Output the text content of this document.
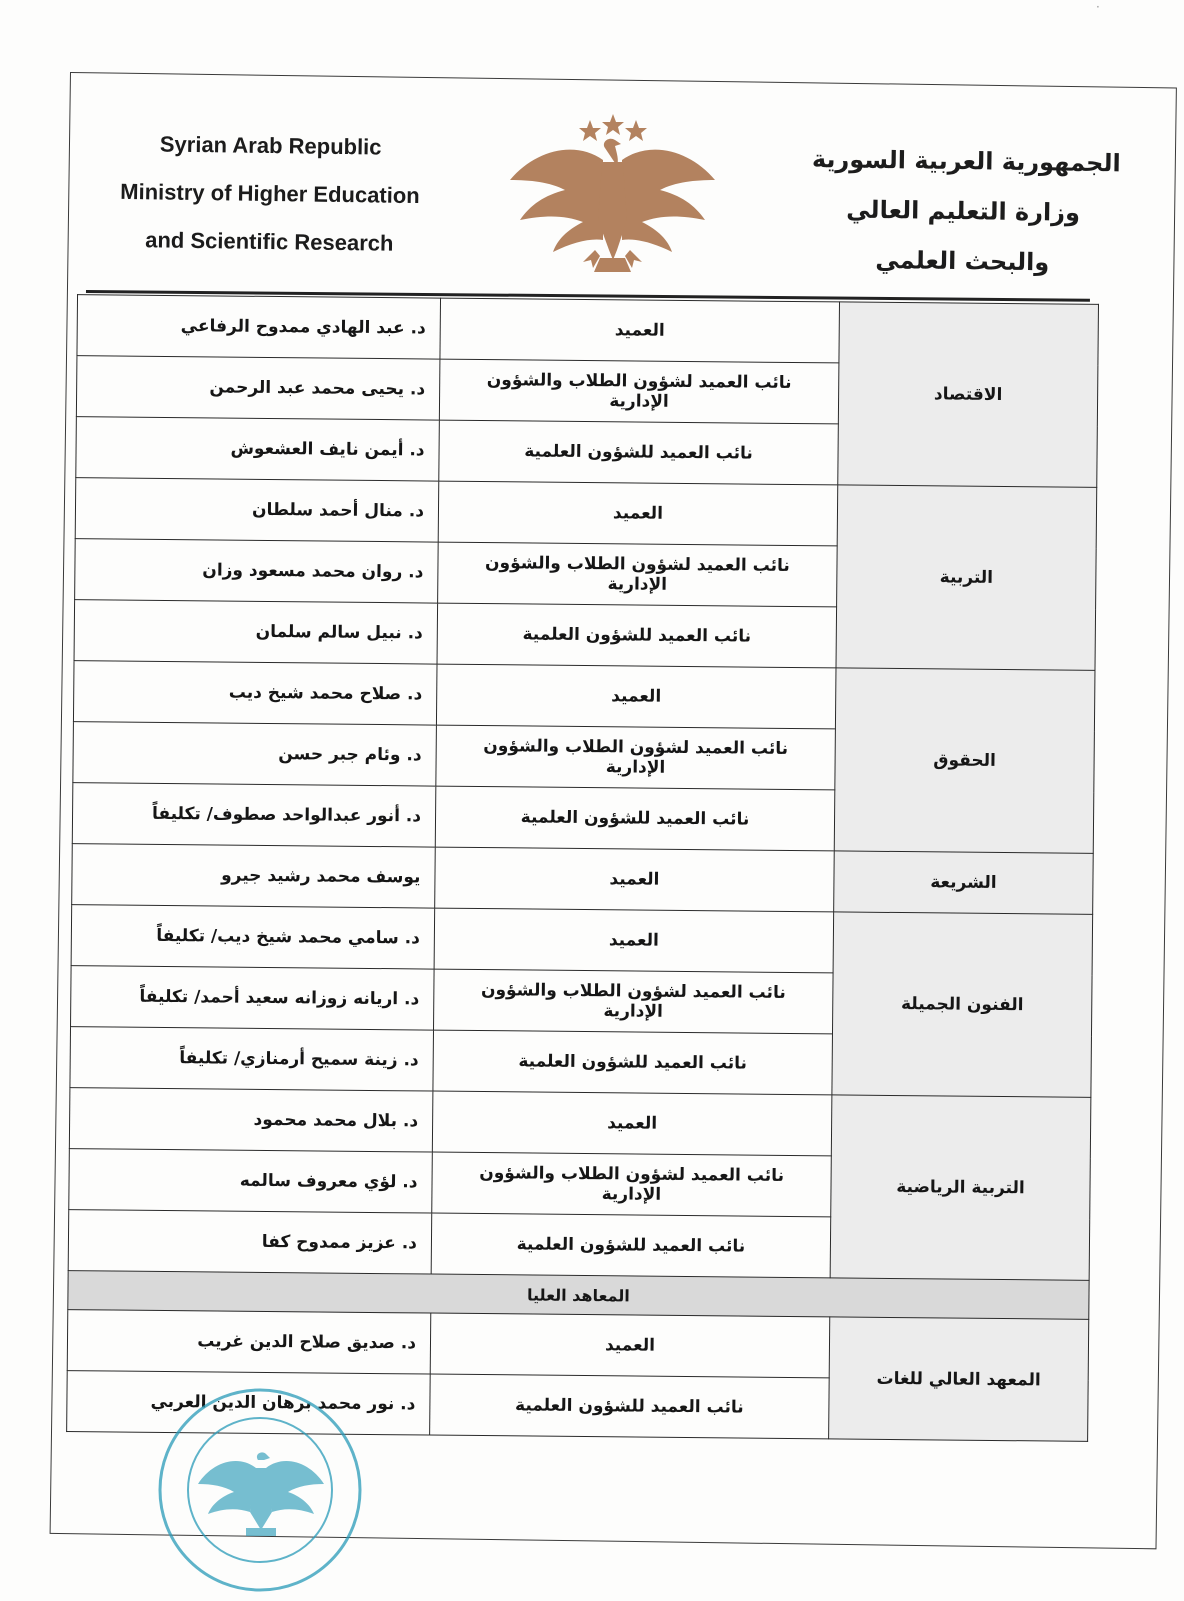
·
Syrian Arab Republic
Ministry of Higher Education
and Scientific Research
الجمهورية العربية السورية
وزارة التعليم العالي
والبحث العلمي
الاقتصاد	العميد	د. عبد الهادي ممدوح الرفاعي
	نائب العميد لشؤون الطلاب والشؤون الإدارية	د. يحيى محمد عبد الرحمن
	نائب العميد للشؤون العلمية	د. أيمن نايف العشعوش
التربية	العميد	د. منال أحمد سلطان
	نائب العميد لشؤون الطلاب والشؤون الإدارية	د. روان محمد مسعود وزان
	نائب العميد للشؤون العلمية	د. نبيل سالم سلمان
الحقوق	العميد	د. صلاح محمد شيخ ديب
	نائب العميد لشؤون الطلاب والشؤون الإدارية	د. وئام جبر حسن
	نائب العميد للشؤون العلمية	د. أنور عبدالواحد صطوف/ تكليفاً
الشريعة	العميد	يوسف محمد رشيد جيرو
الفنون الجميلة	العميد	د. سامي محمد شيخ ديب/ تكليفاً
	نائب العميد لشؤون الطلاب والشؤون الإدارية	د. اريانه زوزانه سعيد أحمد/ تكليفاً
	نائب العميد للشؤون العلمية	د. زينة سميح أرمنازي/ تكليفاً
التربية الرياضية	العميد	د. بلال محمد محمود
	نائب العميد لشؤون الطلاب والشؤون الإدارية	د. لؤي معروف سالمه
	نائب العميد للشؤون العلمية	د. عزيز ممدوح كفا
المعاهد العليا		
المعهد العالي للغات	العميد	د. صديق صلاح الدين غريب
	نائب العميد للشؤون العلمية	د. نور محمد برهان الدين العربي
